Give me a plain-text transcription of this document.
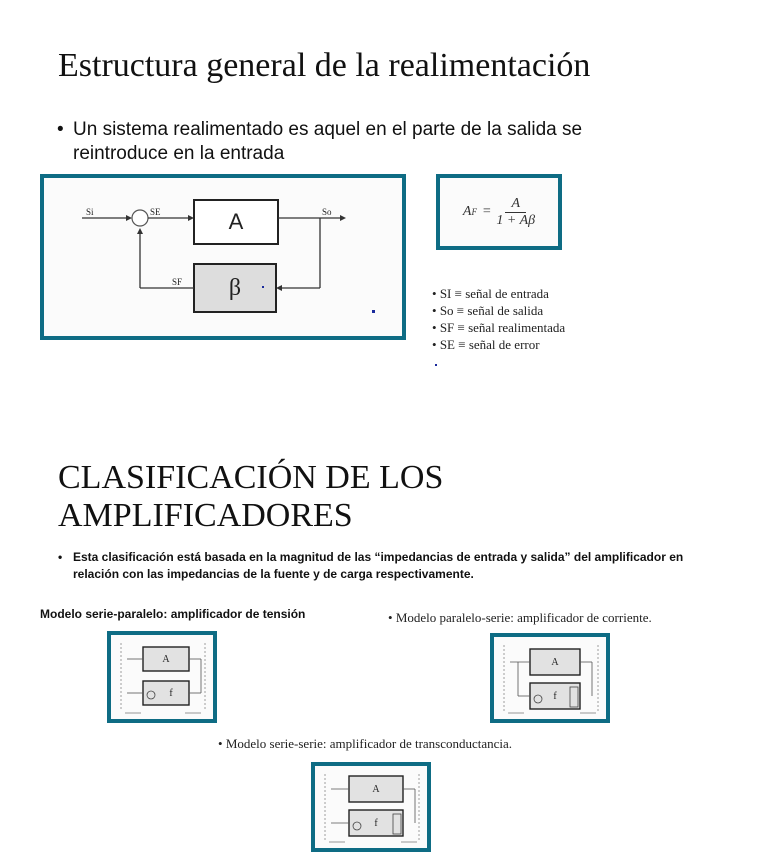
Estructura general de la realimentación
• Un sistema realimentado es aquel en el parte de la salida se reintroduce en la entrada
Si	SE	So
SF
A
β
A $F = \frac{A}{1 + A\beta}$
• SI ≡ señal de entrada
• So ≡ señal de salida
• SF ≡ señal realimentada
• SE ≡ señal de error
CLASIFICACIÓN DE LOS
AMPLIFICADORES
• Esta clasificación está basada en la magnitud de las “impedancias de entrada y salida” del amplificador en relación con las impedancias de la fuente y de carga respectivamente.
Modelo serie-paralelo: amplificador de tensión	• Modelo paralelo-serie: amplificador de corriente.
A
f
A
f
• Modelo serie-serie: amplificador de transconductancia.
A
f
